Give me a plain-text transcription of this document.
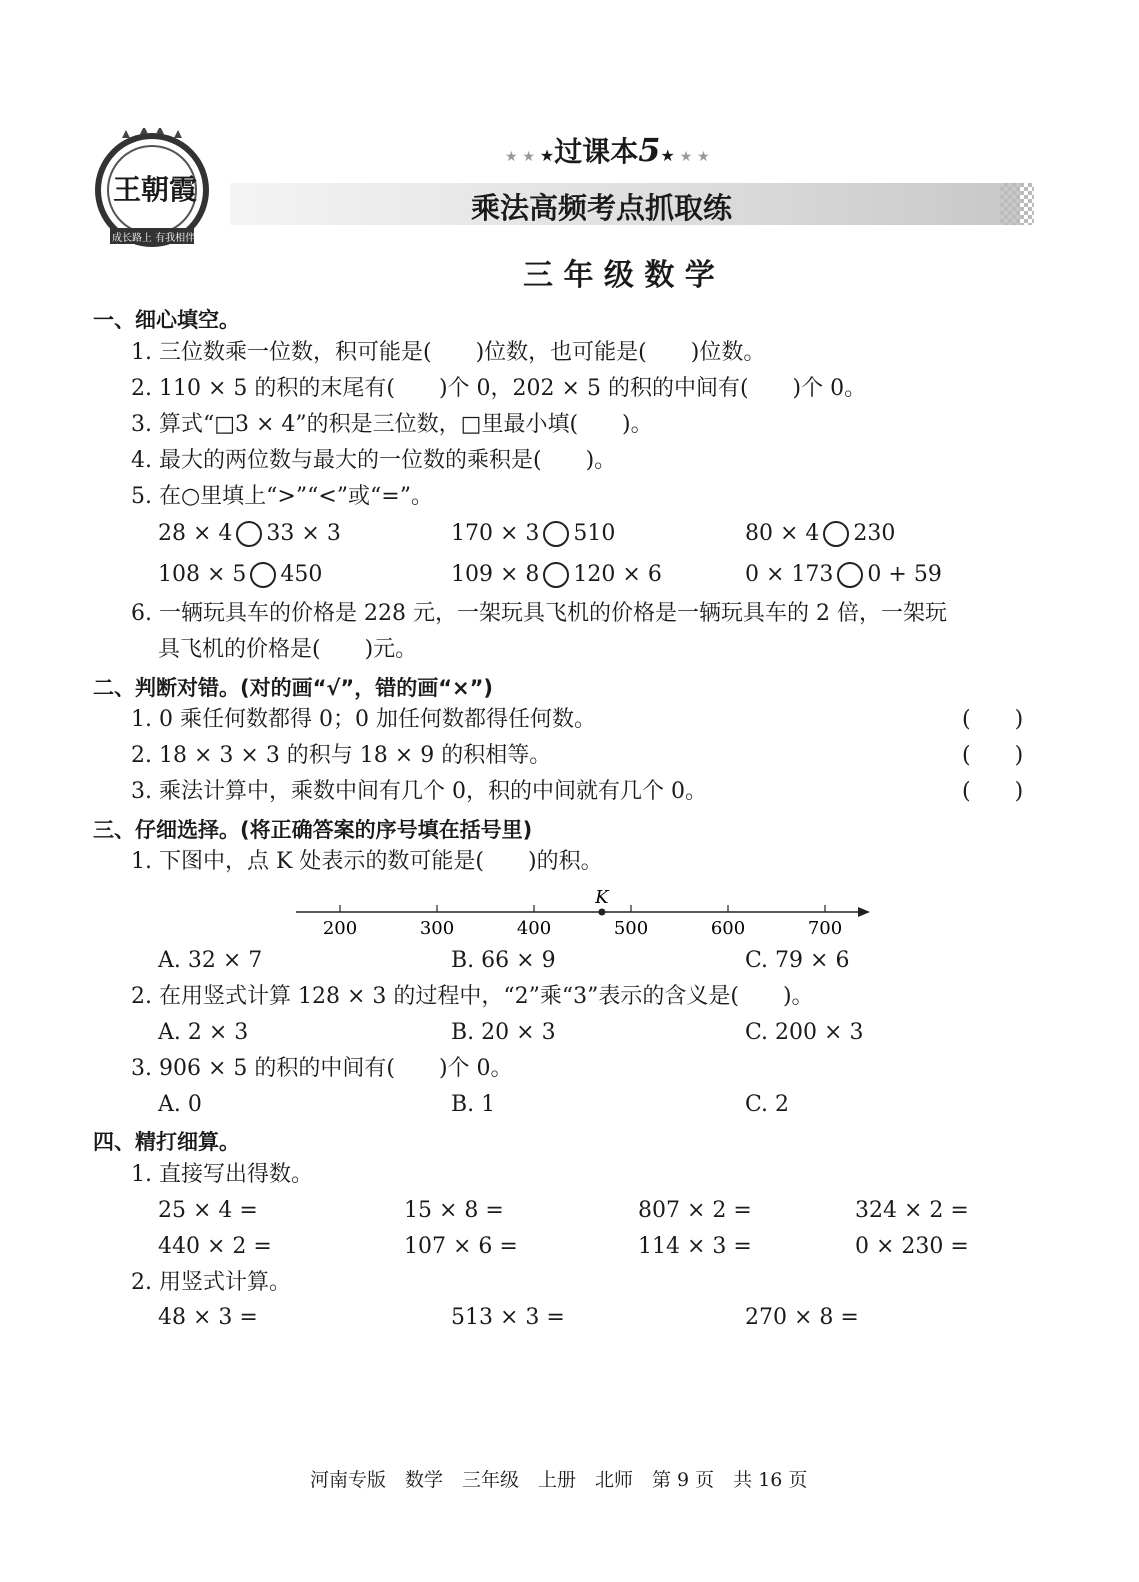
王朝霞
成长路上 有我相伴
★ ★ ★过课本5★ ★ ★
乘法高频考点抓取练
三 年 级 数 学
一、细心填空。
1. 三位数乘一位数，积可能是(　　)位数，也可能是(　　)位数。
2. 110 × 5 的积的末尾有(　　)个 0，202 × 5 的积的中间有(　　)个 0。
3. 算式“□3 × 4”的积是三位数，□里最小填(　　)。
4. 最大的两位数与最大的一位数的乘积是(　　)。
5. 在○里填上“>”“<”或“=”。
28 × 4 33 × 3	170 × 3 510	80 × 4 230
108 × 5 450	109 × 8 120 × 6	0 × 173 0 + 59
6. 一辆玩具车的价格是 228 元，一架玩具飞机的价格是一辆玩具车的 2 倍，一架玩
具飞机的价格是(　　)元。
二、判断对错。(对的画“√”，错的画“×”)
1. 0 乘任何数都得 0；0 加任何数都得任何数。	(　　)
2. 18 × 3 × 3 的积与 18 × 9 的积相等。	(　　)
3. 乘法计算中，乘数中间有几个 0，积的中间就有几个 0。	(　　)
三、仔细选择。(将正确答案的序号填在括号里)
1. 下图中，点 K 处表示的数可能是(　　)的积。
200	300	400	500	600	700
K
A. 32 × 7	B. 66 × 9	C. 79 × 6
2. 在用竖式计算 128 × 3 的过程中，“2”乘“3”表示的含义是(　　)。
A. 2 × 3	B. 20 × 3	C. 200 × 3
3. 906 × 5 的积的中间有(　　)个 0。
A. 0	B. 1	C. 2
四、精打细算。
1. 直接写出得数。
25 × 4 =	15 × 8 =	807 × 2 =	324 × 2 =
440 × 2 =	107 × 6 =	114 × 3 =	0 × 230 =
2. 用竖式计算。
48 × 3 =	513 × 3 =	270 × 8 =
河南专版　数学　三年级　上册　北师　第 9 页　共 16 页
